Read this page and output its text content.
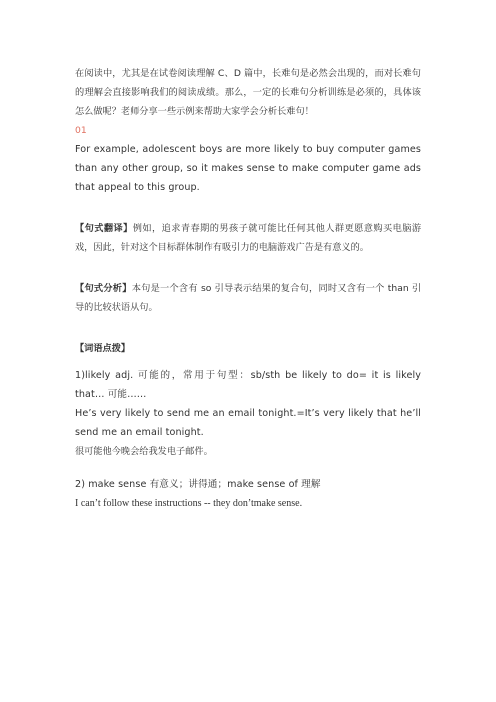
在阅读中，尤其是在试卷阅读理解 C、D 篇中，长难句是必然会出现的，而对长难句的理解会直接影响我们的阅读成绩。那么，一定的长难句分析训练是必须的，具体该怎么做呢？老师分享一些示例来帮助大家学会分析长难句！

01

For example, adolescent boys are more likely to buy computer games than any other group, so it makes sense to make computer game ads that appeal to this group.

【句式翻译】例如，追求青春期的男孩子就可能比任何其他人群更愿意购买电脑游戏，因此，针对这个目标群体制作有吸引力的电脑游戏广告是有意义的。

【句式分析】本句是一个含有 so 引导表示结果的复合句，同时又含有一个 than 引导的比较状语从句。

【词语点拨】

1)likely adj. 可能的，常用于句型：sb/sth be likely to do= it is likely that… 可能……

He’s very likely to send me an email tonight.=It’s very likely that he’ll send me an email tonight.

很可能他今晚会给我发电子邮件。

2) make sense 有意义；讲得通；make sense of 理解

I can’t follow these instructions -- they don’tmake sense.
